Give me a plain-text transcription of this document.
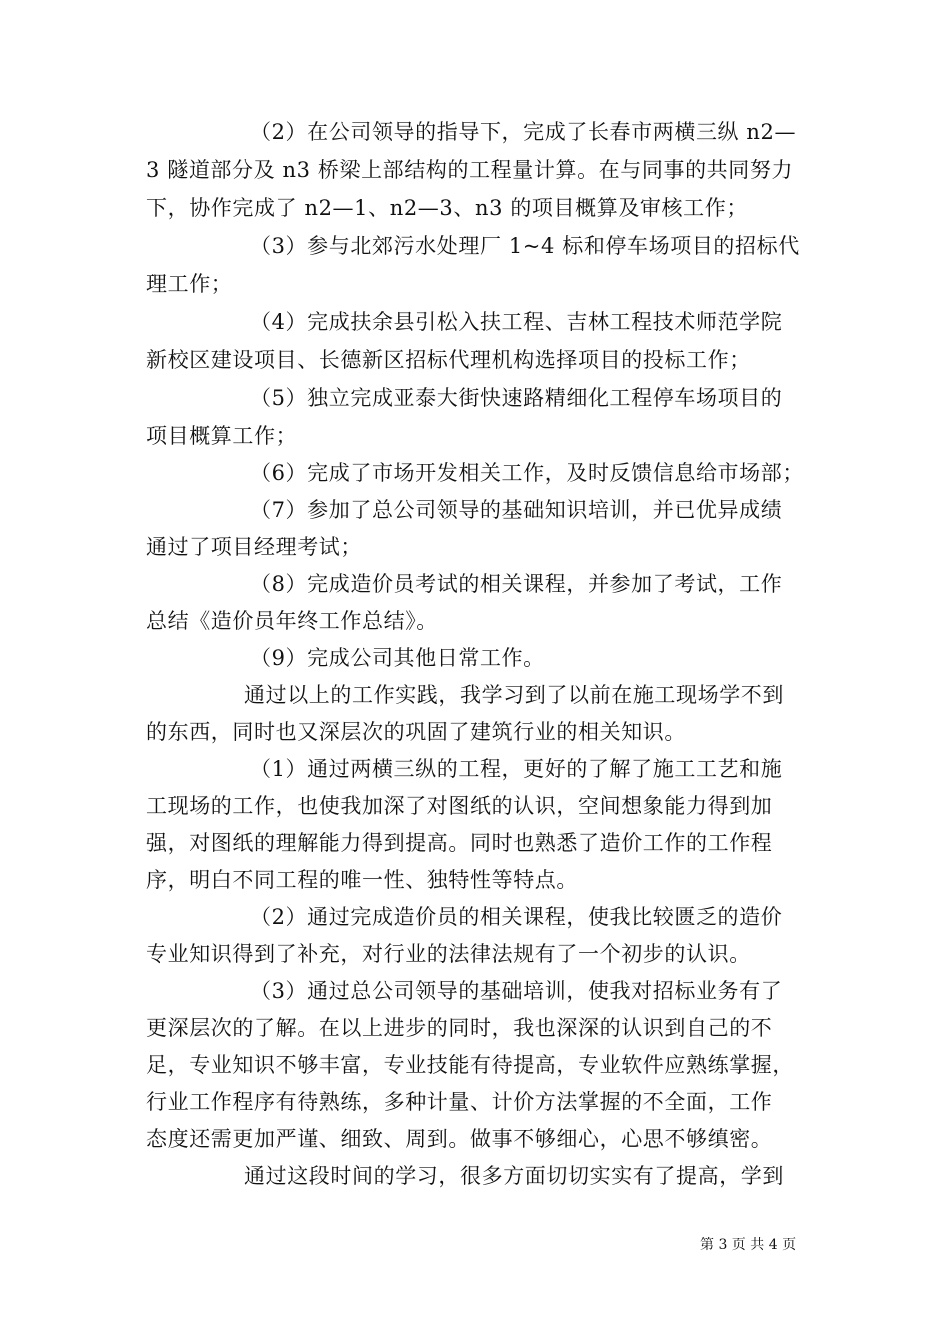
（2）在公司领导的指导下，完成了长春市两横三纵 n2—
3 隧道部分及 n3 桥梁上部结构的工程量计算。在与同事的共同努力
下，协作完成了 n2—1、n2—3、n3 的项目概算及审核工作；
（3）参与北郊污水处理厂 1~4 标和停车场项目的招标代
理工作；
（4）完成扶余县引松入扶工程、吉林工程技术师范学院
新校区建设项目、长德新区招标代理机构选择项目的投标工作；
（5）独立完成亚泰大街快速路精细化工程停车场项目的
项目概算工作；
（6）完成了市场开发相关工作，及时反馈信息给市场部；
（7）参加了总公司领导的基础知识培训，并已优异成绩
通过了项目经理考试；
（8）完成造价员考试的相关课程，并参加了考试，工作
总结《造价员年终工作总结》。
（9）完成公司其他日常工作。
通过以上的工作实践，我学习到了以前在施工现场学不到
的东西，同时也又深层次的巩固了建筑行业的相关知识。
（1）通过两横三纵的工程，更好的了解了施工工艺和施
工现场的工作，也使我加深了对图纸的认识，空间想象能力得到加
强，对图纸的理解能力得到提高。同时也熟悉了造价工作的工作程
序，明白不同工程的唯一性、独特性等特点。
（2）通过完成造价员的相关课程，使我比较匮乏的造价
专业知识得到了补充，对行业的法律法规有了一个初步的认识。
（3）通过总公司领导的基础培训，使我对招标业务有了
更深层次的了解。在以上进步的同时，我也深深的认识到自己的不
足，专业知识不够丰富，专业技能有待提高，专业软件应熟练掌握，
行业工作程序有待熟练，多种计量、计价方法掌握的不全面，工作
态度还需更加严谨、细致、周到。做事不够细心，心思不够缜密。
通过这段时间的学习，很多方面切切实实有了提高，学到
第 3 页 共 4 页
